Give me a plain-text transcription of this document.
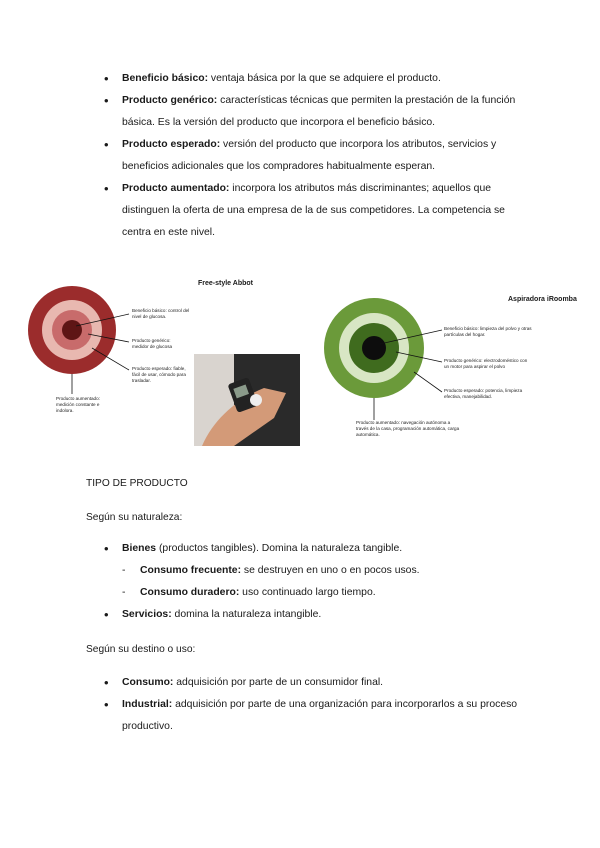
• Beneficio básico: ventaja básica por la que se adquiere el producto.
• Producto genérico: características técnicas que permiten la prestación de la función básica. Es la versión del producto que incorpora el beneficio básico.
• Producto esperado: versión del producto que incorpora los atributos, servicios y beneficios adicionales que los compradores habitualmente esperan.
• Producto aumentado: incorpora los atributos más discriminantes; aquellos que distinguen la oferta de una empresa de la de sus competidores. La competencia se centra en este nivel.
Free-style Abbot
Beneficio básico: control del nivel de glucosa.
Producto genérico: medidor de glucosa
Producto esperado: fiable, fácil de usar, cómodo para trasladar.
Producto aumentado: medición constante e indolora.
Aspiradora iRoomba
Beneficio básico: limpieza del polvo y otras partículas del hogar.
Producto genérico: electrodoméstico con un motor para aspirar el polvo
Producto esperado: potencia, limpieza efectiva, manejabilidad.
Producto aumentado: navegación autónoma a través de la casa, programación automática, carga automática.
TIPO DE PRODUCTO
Según su naturaleza:
• Bienes (productos tangibles). Domina la naturaleza tangible.
- Consumo frecuente: se destruyen en uno o en pocos usos.
- Consumo duradero: uso continuado largo tiempo.
• Servicios: domina la naturaleza intangible.
Según su destino o uso:
• Consumo: adquisición por parte de un consumidor final.
• Industrial: adquisición por parte de una organización para incorporarlos a su proceso productivo.
